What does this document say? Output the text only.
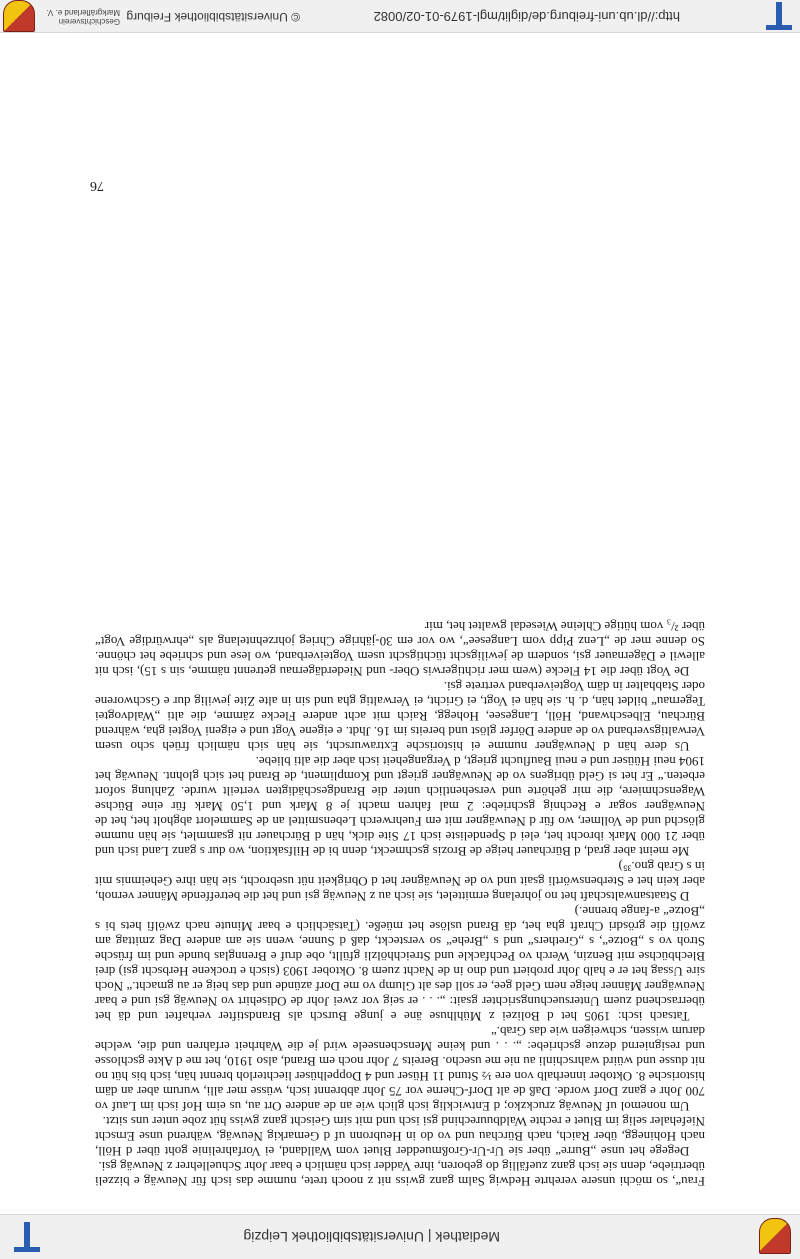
Mediathek | Universitätsbibliothek Leipzig

Frau“, so möchi unsere verehrte Hedwig Salm ganz gwiss nit z nooch trete, numme das isch für Neuwäg e bizzeli übertriebe, denn sie isch ganz zuefällig do geboren, ihre Vadder isch nämlich e baar Johr Schuellehrer z Neuwäg gsi.

Degege het unse „Burre“ über sie Ur-Ur-Großmuedder Bluet vom Walldand, ei Vorfahrelinie goht über d Höll, nach Hohinegg, über Raich, nach Bürchau und vo do in Heubronn uf d Gemarkig Neuwäg, während unse Ernscht Niefehaler selig im Bluet e rechte Waldbuurechind gsi isch und mit sim Geischt ganz gwiss hüt zobe unter uns sitzt.

Um nonemol uf Neuwäg zruckzko; d Entwicklig isch glich wie an de andere Ort au, us eim Hof isch im Lauf vo 700 Johr e ganz Dorf worde. Daß de alt Dorf-Cherne vor 75 Johr abbrennt isch, wüsse mer alli, wurum aber an däm historische 8. Oktober innerhalb von ere ½ Stund 11 Hüser und 4 Doppelhüser liechterloh brennt hän, isch bis hüt no nit dusse und wüird wahrschinli au nie me usecho. Bereits 7 Johr noch em Brand, also 1910, het me d Akte gschlosse und resigniernd dezue gschriebe: „. . . und keine Menschenseele wird je die Wahrheit erfahren und die, welche darum wissen, schweigen wie das Grab.“

Tatsach isch: 1905 het d Bolizei z Mühlhuse äne e junge Bursch als Brandstifter verhaftet und dä het überraschend zuem Untersuechungsrichter gsait: „. . . er seig vor zwei Johr de Odisehirt vo Neuwäg gsi und e baar Neuwägner Männer heige nem Geld gee, er soll des alt Glump vo me Dorf azünde und das heig er au gmacht.“ Noch sire Ussag het er e halb Johr probiert und dno in de Nacht zuem 8. Oktober 1903 (sisch e trockene Herbscht gsi) drei Blechbüchse mit Benzin, Werch vo Pechfackle und Streichhölzli gfüllt, obe druf e Brennglas bunde und im früsche Stroh vo s „Botze“, s „Grethers“ und s „Brehe“ so versteckt, daß d Sunne, wenn sie am andere Dag zmittag am zwölfi die grösdri Chraft gha het, dä Brand uslöse het müeße. (Tatsächlich e baar Minute nach zwölfi hets bi s „Botze“ a-fange brenne.)

D Staatsanwaltschaft het no johrelang ermittelet, sie isch au z Neuwäg gsi und het die betreffende Männer vernoh, aber kein het e Sterbenswörtli gsait und vo de Neuwägner het d Obrigkeit nüt usebrocht, sie hän ihre Geheimnis mit in s Grab gno.³⁵)

Me meint aber grad, d Bürchauer heige de Brozis gschmeckt, denn bi de Hilfsaktion, wo dur s ganz Land isch und über 21 000 Mark ibrocht het, elei d Spendeliste isch 17 Site dick, hän d Bürchauer nit gsammlet, sie hän numme glöschd und de Vollmer, wo für d Neuwägner mit em Fuehrwerch Lebensmittel an de Sammelort abgholt het, het de Neuwägner sogar e Rechnig gschriebe: 2 mal fahren macht je 8 Mark und 1,50 Mark für eine Büchse Wagenschmiere, die mir gehörte und versehentlich unter die Brandgeschädigten verteilt wurde. Zahlung sofort erbeten.“ Er het si Geld übrigens vo de Neuwägner griegt und Kompliment, de Brand het sich glohnt. Neuwäg het 1904 neui Hüüser und e neui Bauflucht griegt, d Vergangeheit isch aber die alti bliebe.

Us dere hän d Neuwägner numme ei historische Extrawurscht, sie hän sich nämlich früeh scho usem Verwaltigsverband vo de andere Dörfer glöst und bereits im 16. Jhdt. e eigene Vogt und e eigeni Vogtei gha, während Bürchau, Elbeschwand, Höll, Langesee, Hohegg, Raich mit acht andere Flecke zämme, die alti „Waldvogtei Tegernau“ bildet hän, d. h. sie hän ei Vogt, ei Gricht, ei Verwaltig gha und sin in alte Zite jewilig dur e Gschworene oder Stabhalter in däm Vogteiverband vertrete gsi.

De Vogt über die 14 Flecke (wem mer richtigerwis Ober- und Niederdägernau getrennt nämme, sin s 15), isch nit allewil e Dägernauer gsi, sondern de jewiligscht tüchtigscht usem Vogteiverband, wo lese und schriebe het chönne. So denne mer de „Lenz Pipp vom Langesee“, wo vor em 30-jährige Chrieg johrzehntelang als „ehrwürdige Vogt“ über ²/₃ vom hütige Chleine Wiesedal gwaltet het, mir

76
http://dl.ub.uni-freiburg.de/diglit/mgl-1979-01-02/0082
© Universitätsbibliothek Freiburg
Geschichtsverein Markgräflerland e. V.
